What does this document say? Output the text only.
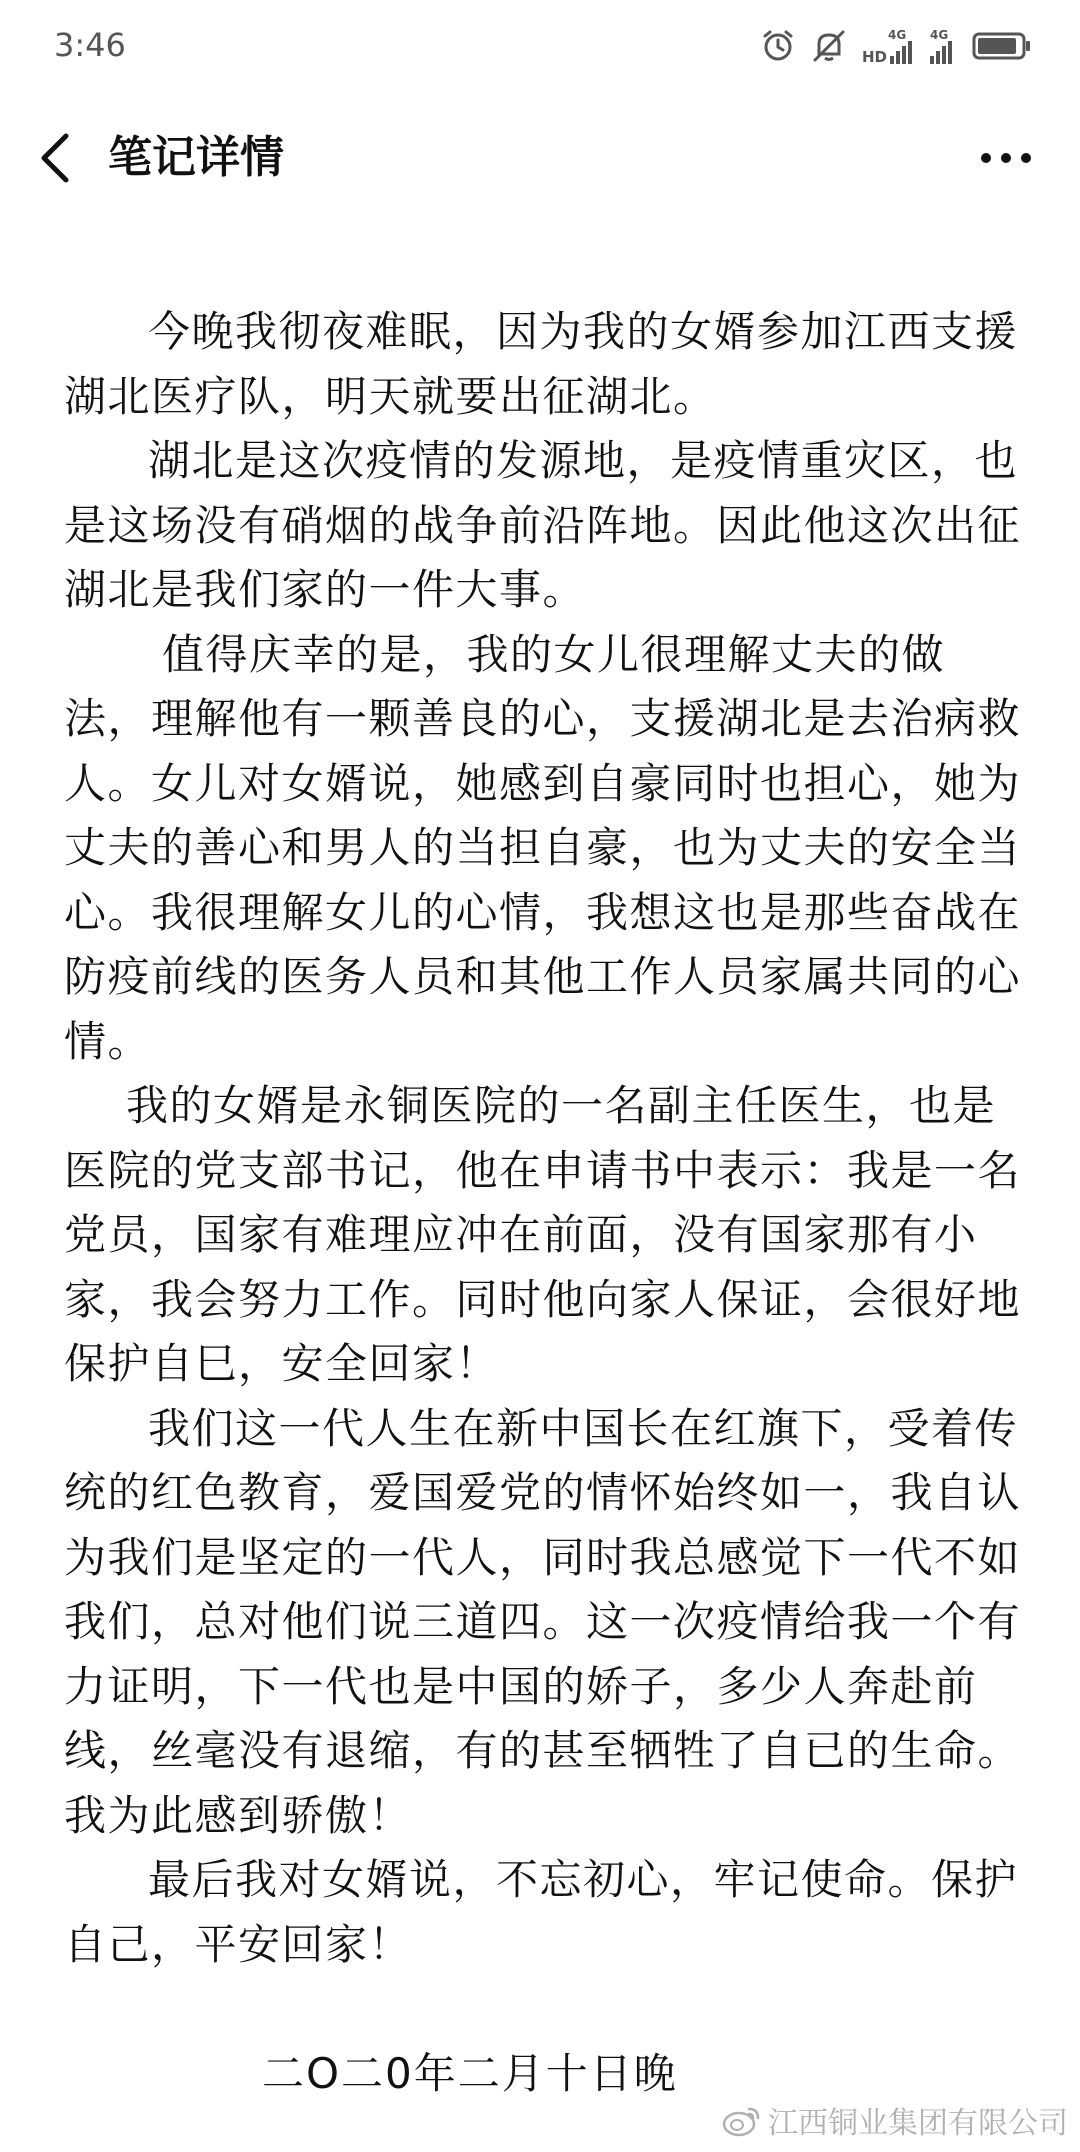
3:46	HD
4G 4G
笔记详情

今晚我彻夜难眠，因为我的女婿参加江西支援湖北医疗队，明天就要出征湖北。

湖北是这次疫情的发源地，是疫情重灾区，也是这场没有硝烟的战争前沿阵地。因此他这次出征湖北是我们家的一件大事。

值得庆幸的是，我的女儿很理解丈夫的做法，理解他有一颗善良的心，支援湖北是去治病救人。女儿对女婿说，她感到自豪同时也担心，她为丈夫的善心和男人的当担自豪，也为丈夫的安全当心。我很理解女儿的心情，我想这也是那些奋战在防疫前线的医务人员和其他工作人员家属共同的心情。

我的女婿是永铜医院的一名副主任医生，也是医院的党支部书记，他在申请书中表示：我是一名党员，国家有难理应冲在前面，没有国家那有小家，我会努力工作。同时他向家人保证，会很好地保护自巳，安全回家！

我们这一代人生在新中国长在红旗下，受着传统的红色教育，爱国爱党的情怀始终如一，我自认为我们是坚定的一代人，同时我总感觉下一代不如我们，总对他们说三道四。这一次疫情给我一个有力证明，下一代也是中国的娇子，多少人奔赴前线，丝毫没有退缩，有的甚至牺牲了自已的生命。我为此感到骄傲！

最后我对女婿说，不忘初心，牢记使命。保护自己，平安回家！

二O二0年二月十日晚
江西铜业集团有限公司
